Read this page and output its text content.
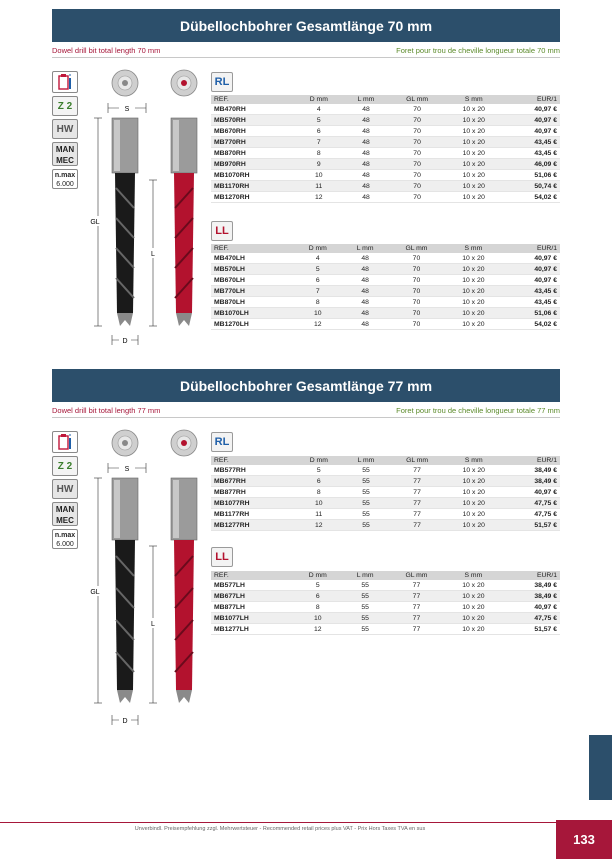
Dübellochbohrer Gesamtlänge 70 mm
Dowel drill bit total length 70 mm	Foret pour trou de cheville longueur totale 70 mm
Z 2
HW
MAN
MEC
n.max
6.000
S
GL
L
D
RL
REF.	D mm	L mm	GL mm	S mm	EUR/1
MB470RH	4	48	70	10 x 20	40,97 €
MB570RH	5	48	70	10 x 20	40,97 €
MB670RH	6	48	70	10 x 20	40,97 €
MB770RH	7	48	70	10 x 20	43,45 €
MB870RH	8	48	70	10 x 20	43,45 €
MB970RH	9	48	70	10 x 20	46,09 €
MB1070RH	10	48	70	10 x 20	51,06 €
MB1170RH	11	48	70	10 x 20	50,74 €
MB1270RH	12	48	70	10 x 20	54,02 €
LL
REF.	D mm	L mm	GL mm	S mm	EUR/1
MB470LH	4	48	70	10 x 20	40,97 €
MB570LH	5	48	70	10 x 20	40,97 €
MB670LH	6	48	70	10 x 20	40,97 €
MB770LH	7	48	70	10 x 20	43,45 €
MB870LH	8	48	70	10 x 20	43,45 €
MB1070LH	10	48	70	10 x 20	51,06 €
MB1270LH	12	48	70	10 x 20	54,02 €
Dübellochbohrer Gesamtlänge 77 mm
Dowel drill bit total length 77 mm	Foret pour trou de cheville longueur totale 77 mm
Z 2
HW
MAN
MEC
n.max
6.000
S
GL
L
D
RL
REF.	D mm	L mm	GL mm	S mm	EUR/1
MB577RH	5	55	77	10 x 20	38,49 €
MB677RH	6	55	77	10 x 20	38,49 €
MB877RH	8	55	77	10 x 20	40,97 €
MB1077RH	10	55	77	10 x 20	47,75 €
MB1177RH	11	55	77	10 x 20	47,75 €
MB1277RH	12	55	77	10 x 20	51,57 €
LL
REF.	D mm	L mm	GL mm	S mm	EUR/1
MB577LH	5	55	77	10 x 20	38,49 €
MB677LH	6	55	77	10 x 20	38,49 €
MB877LH	8	55	77	10 x 20	40,97 €
MB1077LH	10	55	77	10 x 20	47,75 €
MB1277LH	12	55	77	10 x 20	51,57 €
Unverbindl. Preisempfehlung zzgl. Mehrwertsteuer - Recommended retail prices plus VAT - Prix Hors Taxes TVA en sus
133
